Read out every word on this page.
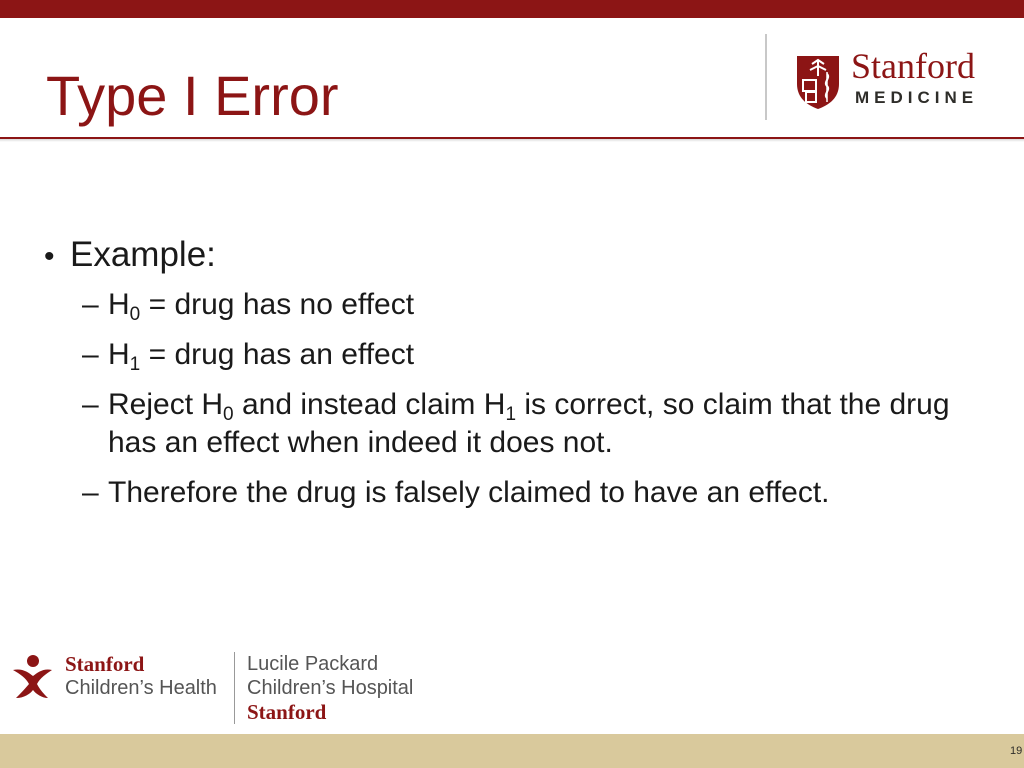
Type I Error	Stanford
MEDICINE
• Example:
– $H_0$ = drug has no effect
– $H_1$ = drug has an effect
– Reject $H_0$ and instead claim $H_1$ is correct, so claim that the drug has an effect when indeed it does not.
– Therefore the drug is falsely claimed to have an effect.
Stanford
Children’s Health
Lucile Packard
Children’s Hospital
Stanford
19
